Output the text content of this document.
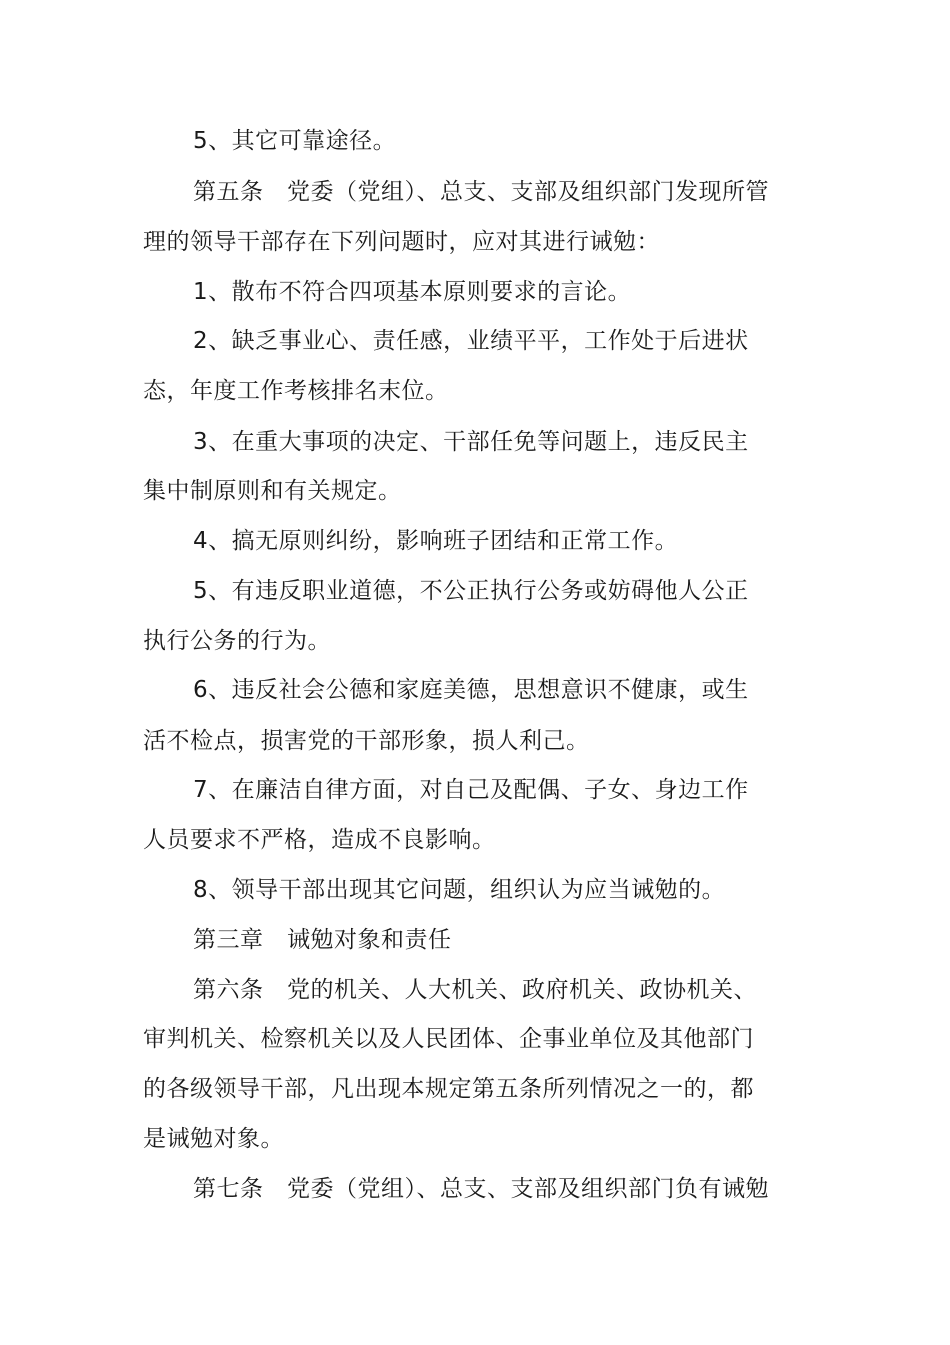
5、其它可靠途径。
第五条　党委（党组）、总支、支部及组织部门发现所管
理的领导干部存在下列问题时，应对其进行诫勉：
1、散布不符合四项基本原则要求的言论。
2、缺乏事业心、责任感，业绩平平，工作处于后进状
态，年度工作考核排名末位。
3、在重大事项的决定、干部任免等问题上，违反民主
集中制原则和有关规定。
4、搞无原则纠纷，影响班子团结和正常工作。
5、有违反职业道德，不公正执行公务或妨碍他人公正
执行公务的行为。
6、违反社会公德和家庭美德，思想意识不健康，或生
活不检点，损害党的干部形象，损人利己。
7、在廉洁自律方面，对自己及配偶、子女、身边工作
人员要求不严格，造成不良影响。
8、领导干部出现其它问题，组织认为应当诫勉的。
第三章　诫勉对象和责任
第六条　党的机关、人大机关、政府机关、政协机关、
审判机关、检察机关以及人民团体、企事业单位及其他部门
的各级领导干部，凡出现本规定第五条所列情况之一的，都
是诫勉对象。
第七条　党委（党组）、总支、支部及组织部门负有诫勉
